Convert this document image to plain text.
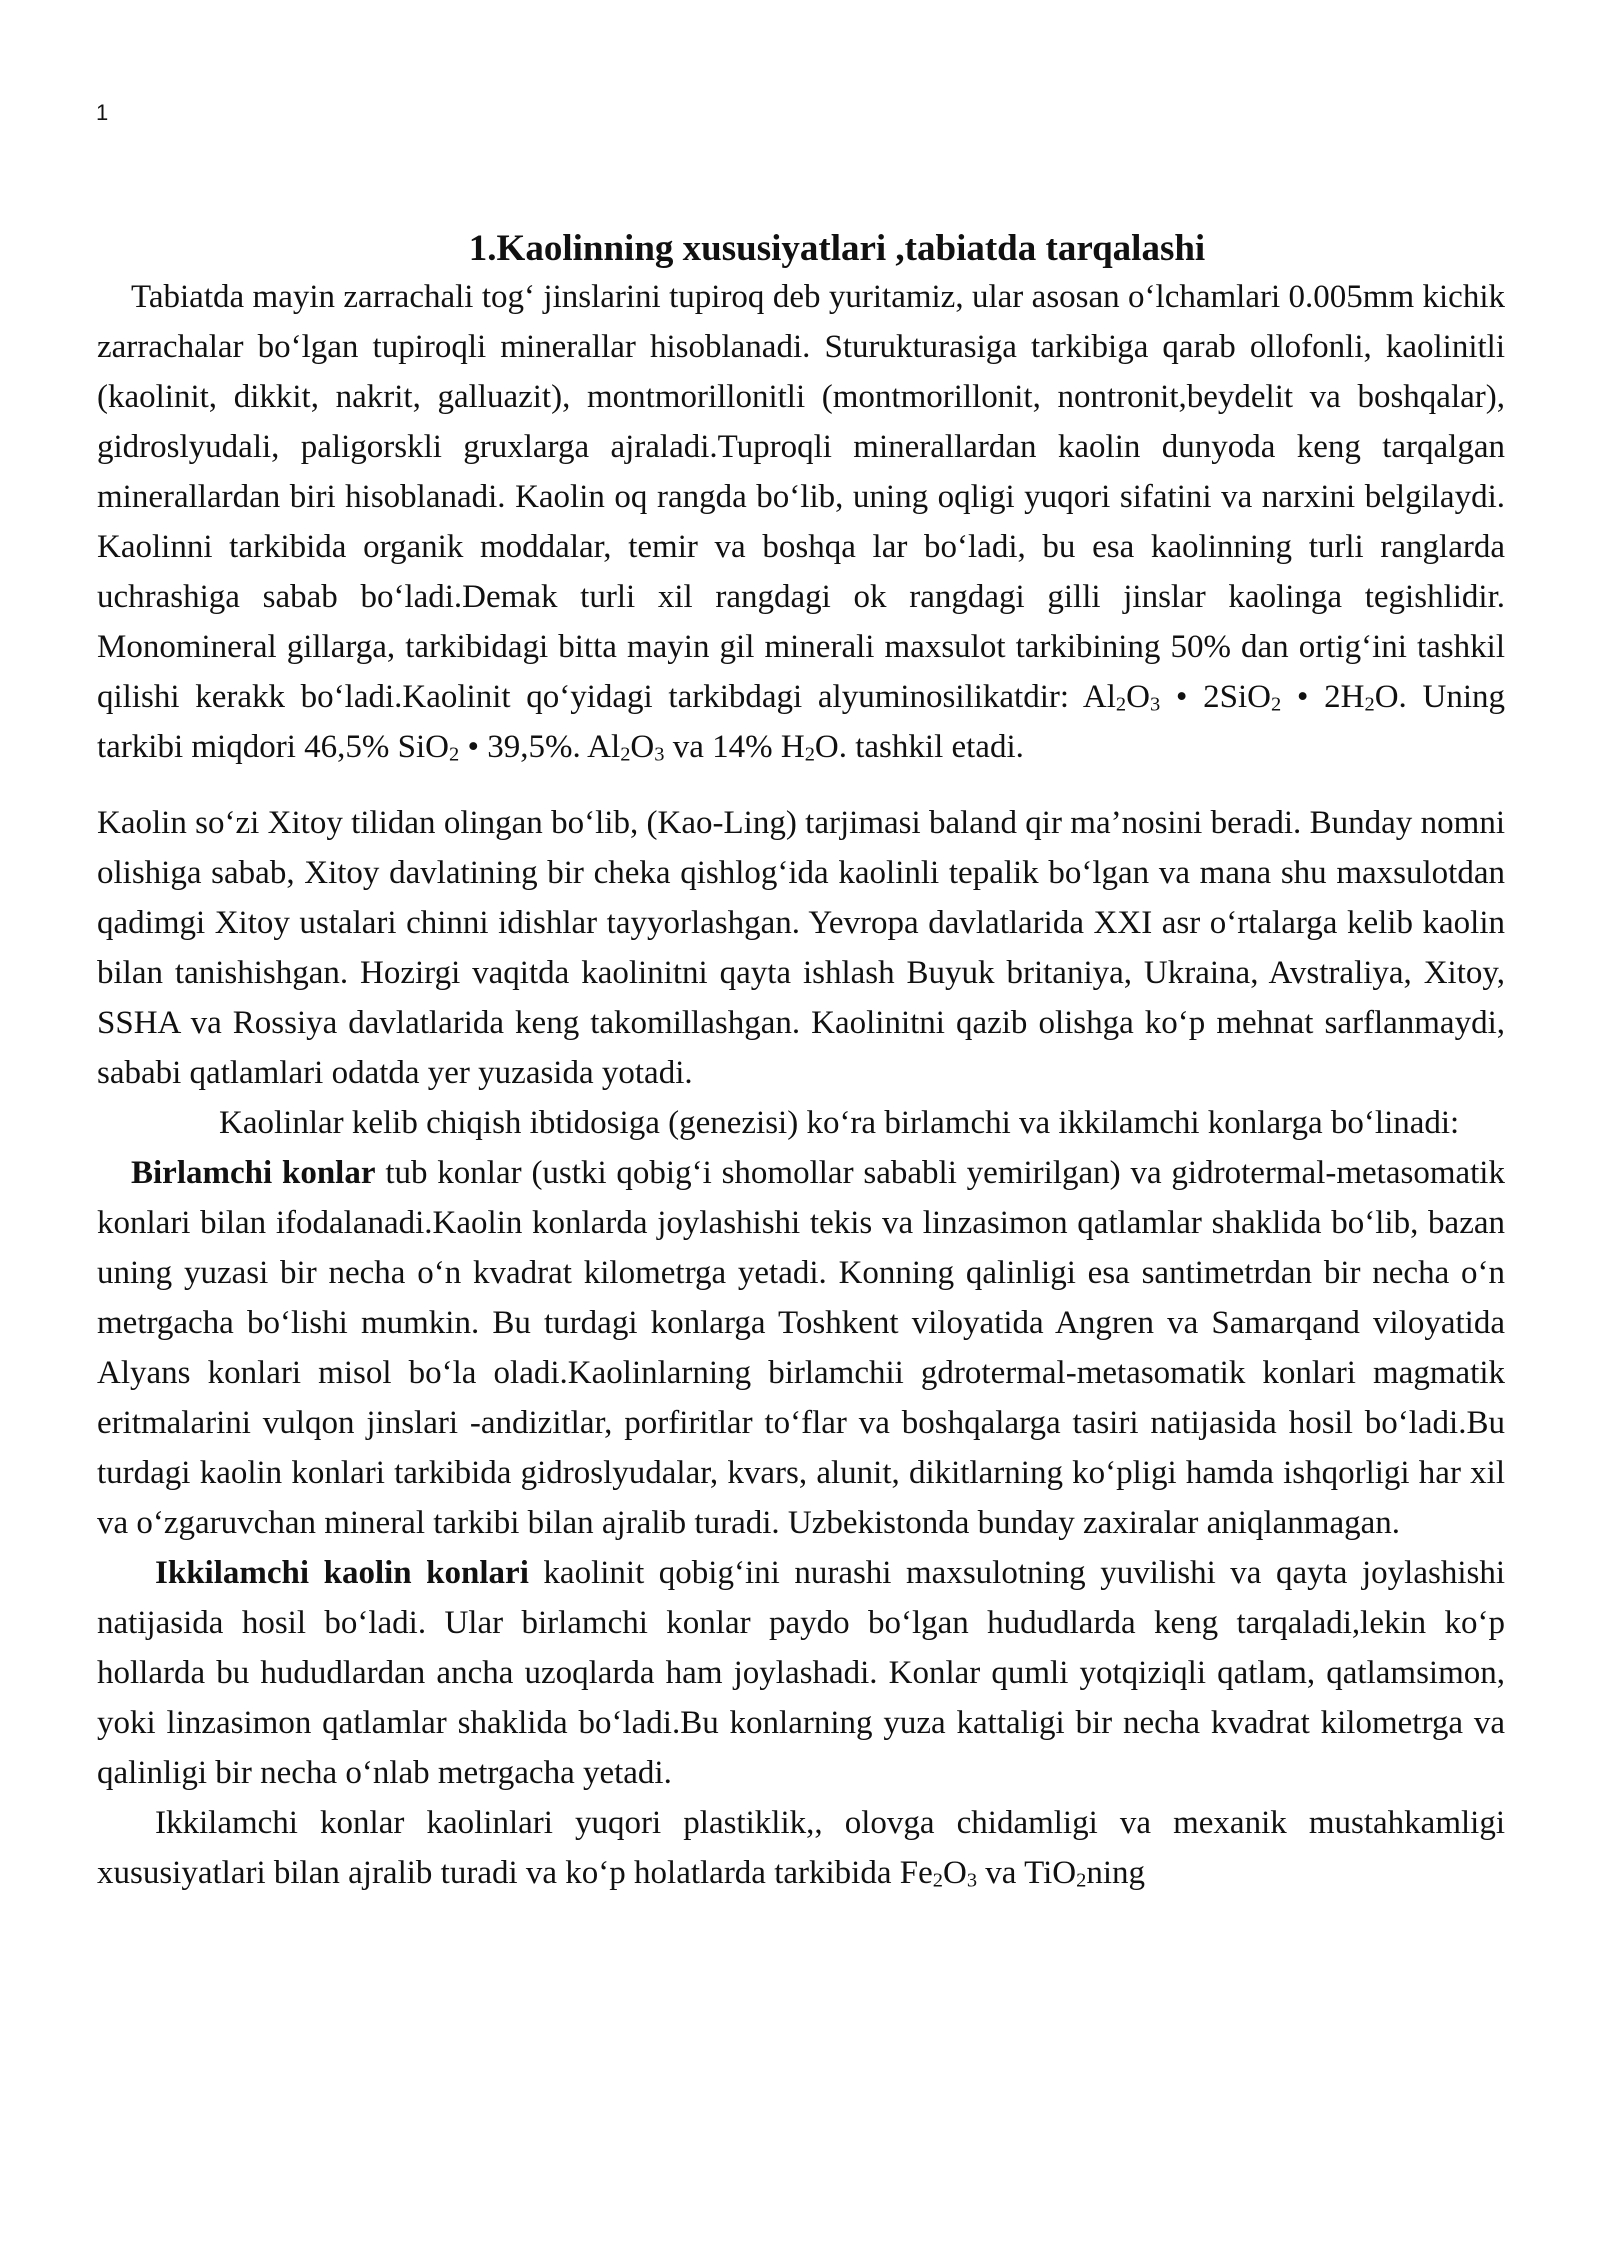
1
1.Kaolinning xususiyatlari ,tabiatda tarqalashi

Tabiatda mayin zarrachali tog‘ jinslarini tupiroq deb yuritamiz, ular asosan o‘lchamlari 0.005mm kichik zarrachalar bo‘lgan tupiroqli minerallar hisoblanadi. Sturukturasiga tarkibiga qarab ollofonli, kaolinitli (kaolinit, dikkit, nakrit, galluazit), montmorillonitli (montmorillonit, nontronit,beydelit va boshqalar), gidroslyudali, paligorskli gruxlarga ajraladi.Tuproqli minerallardan kaolin dunyoda keng tarqalgan minerallardan biri hisoblanadi. Kaolin oq rangda bo‘lib, uning oqligi yuqori sifatini va narxini belgilaydi. Kaolinni tarkibida organik moddalar, temir va boshqa lar bo‘ladi, bu esa kaolinning turli ranglarda uchrashiga sabab bo‘ladi.Demak turli xil rangdagi ok rangdagi gilli jinslar kaolinga tegishlidir. Monomineral gillarga, tarkibidagi bitta mayin gil minerali maxsulot tarkibining 50% dan ortig‘ini tashkil qilishi kerakk bo‘ladi.Kaolinit qo‘yidagi tarkibdagi alyuminosilikatdir: $Al_2O_3$ • 2SiO$_2$ • $2H_2O$. Uning tarkibi miqdori 46,5% SiO$_2$ • 39,5%. $Al_2O_3$ va 14% $H_2O$. tashkil etadi.

Kaolin so‘zi Xitoy tilidan olingan bo‘lib, (Kao-Ling) tarjimasi baland qir ma’nosini beradi. Bunday nomni olishiga sabab, Xitoy davlatining bir cheka qishlog‘ida kaolinli tepalik bo‘lgan va mana shu maxsulotdan qadimgi Xitoy ustalari chinni idishlar tayyorlashgan. Yevropa davlatlarida XXI asr o‘rtalarga kelib kaolin bilan tanishishgan. Hozirgi vaqitda kaolinitni qayta ishlash Buyuk britaniya, Ukraina, Avstraliya, Xitoy, SSHA va Rossiya davlatlarida keng takomillashgan. Kaolinitni qazib olishga ko‘p mehnat sarflanmaydi, sababi qatlamlari odatda yer yuzasida yotadi.

Kaolinlar kelib chiqish ibtidosiga (genezisi) ko‘ra birlamchi va ikkilamchi konlarga bo‘linadi:

Birlamchi konlar tub konlar (ustki qobig‘i shomollar sababli yemirilgan) va gidrotermal-metasomatik konlari bilan ifodalanadi.Kaolin konlarda joylashishi tekis va linzasimon qatlamlar shaklida bo‘lib, bazan uning yuzasi bir necha o‘n kvadrat kilometrga yetadi. Konning qalinligi esa santimetrdan bir necha o‘n metrgacha bo‘lishi mumkin. Bu turdagi konlarga Toshkent viloyatida Angren va Samarqand viloyatida Alyans konlari misol bo‘la oladi.Kaolinlarning birlamchii gdrotermal-metasomatik konlari magmatik eritmalarini vulqon jinslari -andizitlar, porfiritlar to‘flar va boshqalarga tasiri natijasida hosil bo‘ladi.Bu turdagi kaolin konlari tarkibida gidroslyudalar, kvars, alunit, dikitlarning ko‘pligi hamda ishqorligi har xil va o‘zgaruvchan mineral tarkibi bilan ajralib turadi. Uzbekistonda bunday zaxiralar aniqlanmagan.

Ikkilamchi kaolin konlari kaolinit qobig‘ini nurashi maxsulotning yuvilishi va qayta joylashishi natijasida hosil bo‘ladi. Ular birlamchi konlar paydo bo‘lgan hududlarda keng tarqaladi,lekin ko‘p hollarda bu hududlardan ancha uzoqlarda ham joylashadi. Konlar qumli yotqiziqli qatlam, qatlamsimon, yoki linzasimon qatlamlar shaklida bo‘ladi.Bu konlarning yuza kattaligi bir necha kvadrat kilometrga va qalinligi bir necha o‘nlab metrgacha yetadi.

Ikkilamchi konlar kaolinlari yuqori plastiklik,, olovga chidamligi va mexanik mustahkamligi xususiyatlari bilan ajralib turadi va ko‘p holatlarda tarkibida $Fe_2O_3$ va TiO$_2$ning
